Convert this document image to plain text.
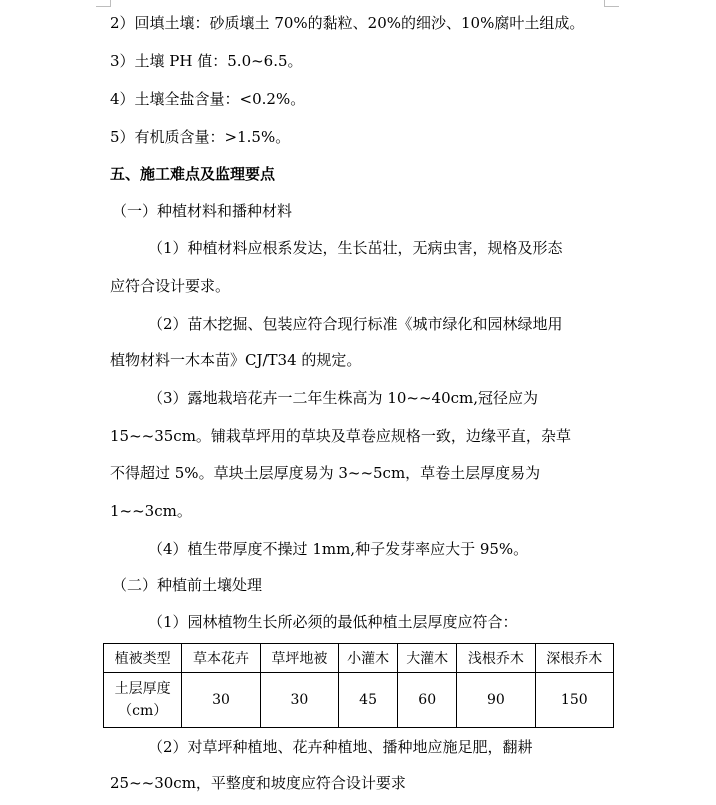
2）回填土壤：砂质壤土 70%的黏粒、20%的细沙、10%腐叶土组成。
3）土壤 PH 值：5.0~6.5。
4）土壤全盐含量：<0.2%。
5）有机质含量：>1.5%。
五、施工难点及监理要点
（一）种植材料和播种材料
（1）种植材料应根系发达，生长茁壮，无病虫害，规格及形态
应符合设计要求。
（2）苗木挖掘、包装应符合现行标准《城市绿化和园林绿地用
植物材料一木本苗》CJ/T34 的规定。
（3）露地栽培花卉一二年生株高为 10~~40cm,冠径应为
15~~35cm。铺栽草坪用的草块及草卷应规格一致，边缘平直，杂草
不得超过 5%。草块土层厚度易为 3~~5cm，草卷土层厚度易为
1~~3cm。
（4）植生带厚度不操过 1mm,种子发芽率应大于 95%。
（二）种植前土壤处理
（1）园林植物生长所必须的最低种植土层厚度应符合：
植被类型	草本花卉	草坪地被	小灌木	大灌木	浅根乔木	深根乔木

土层厚度
（cm）	30	30	45	60	90	150
（2）对草坪种植地、花卉种植地、播种地应施足肥，翻耕
25~~30cm，平整度和坡度应符合设计要求
